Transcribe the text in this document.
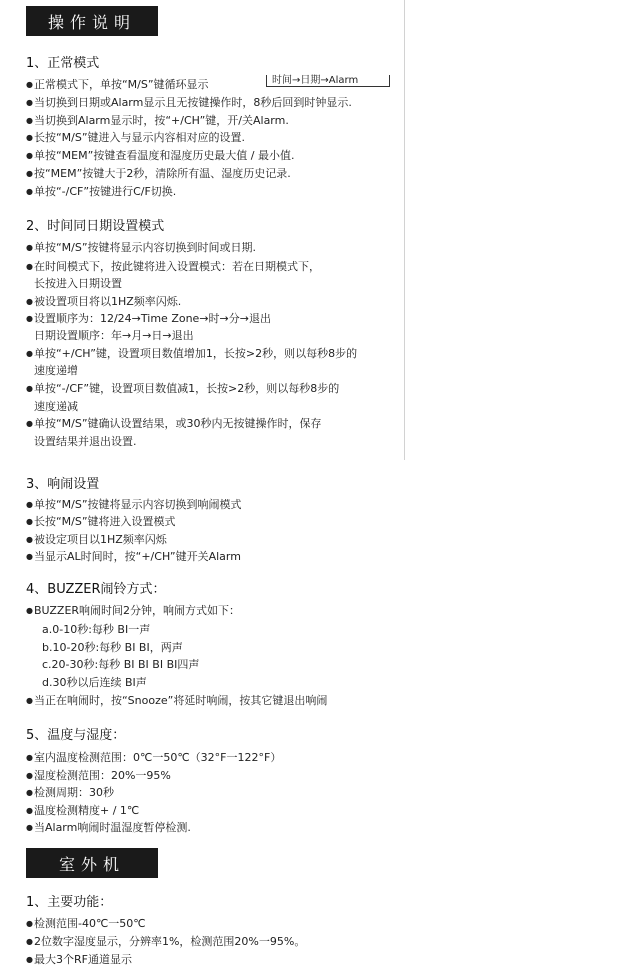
操作说明
1、正常模式
● 正常模式下，单按“M/S”键循环显示	时间→日期→Alarm
● 当切换到日期或Alarm显示且无按键操作时，8秒后回到时钟显示.
● 当切换到Alarm显示时，按“+/CH”键，开/关Alarm.
● 长按“M/S”键进入与显示内容相对应的设置.
● 单按“MEM”按键查看温度和湿度历史最大值 / 最小值.
● 按“MEM”按键大于2秒，清除所有温、湿度历史记录.
● 单按“-/CF”按键进行C/F切换.
2、时间同日期设置模式
● 单按“M/S”按键将显示内容切换到时间或日期.
● 在时间模式下，按此键将进入设置模式：若在日期模式下，
长按进入日期设置
● 被设置项目将以1HZ频率闪烁.
● 设置顺序为：12/24→Time Zone→时→分→退出
日期设置顺序：年→月→日→退出
● 单按“+/CH”键，设置项目数值增加1，长按>2秒，则以每秒8步的
速度递增
● 单按“-/CF”键，设置项目数值减1，长按>2秒，则以每秒8步的
速度递减
● 单按“M/S”键确认设置结果，或30秒内无按键操作时，保存
设置结果并退出设置.
3、响闹设置
● 单按“M/S”按键将显示内容切换到响闹模式
● 长按“M/S”键将进入设置模式
● 被设定项目以1HZ频率闪烁
● 当显示AL时间时，按“+/CH”键开关Alarm
4、BUZZER闹铃方式：
● BUZZER响闹时间2分钟，响闹方式如下：
a.0-10秒:每秒 BI一声
b.10-20秒:每秒 BI BI，两声
c.20-30秒:每秒 BI BI BI BI四声
d.30秒以后连续 BI声
● 当正在响闹时，按“Snooze”将延时响闹，按其它键退出响闹
5、温度与湿度：
● 室内温度检测范围：0℃一50℃（32°F一122°F）
● 湿度检测范围：20%一95%
● 检测周期：30秒
● 温度检测精度+ / 1℃
● 当Alarm响闹时温湿度暂停检测.
室外机
1、主要功能：
● 检测范围-40℃一50℃
● 2位数字湿度显示，分辨率1%，检测范围20%一95%。
● 最大3个RF通道显示
